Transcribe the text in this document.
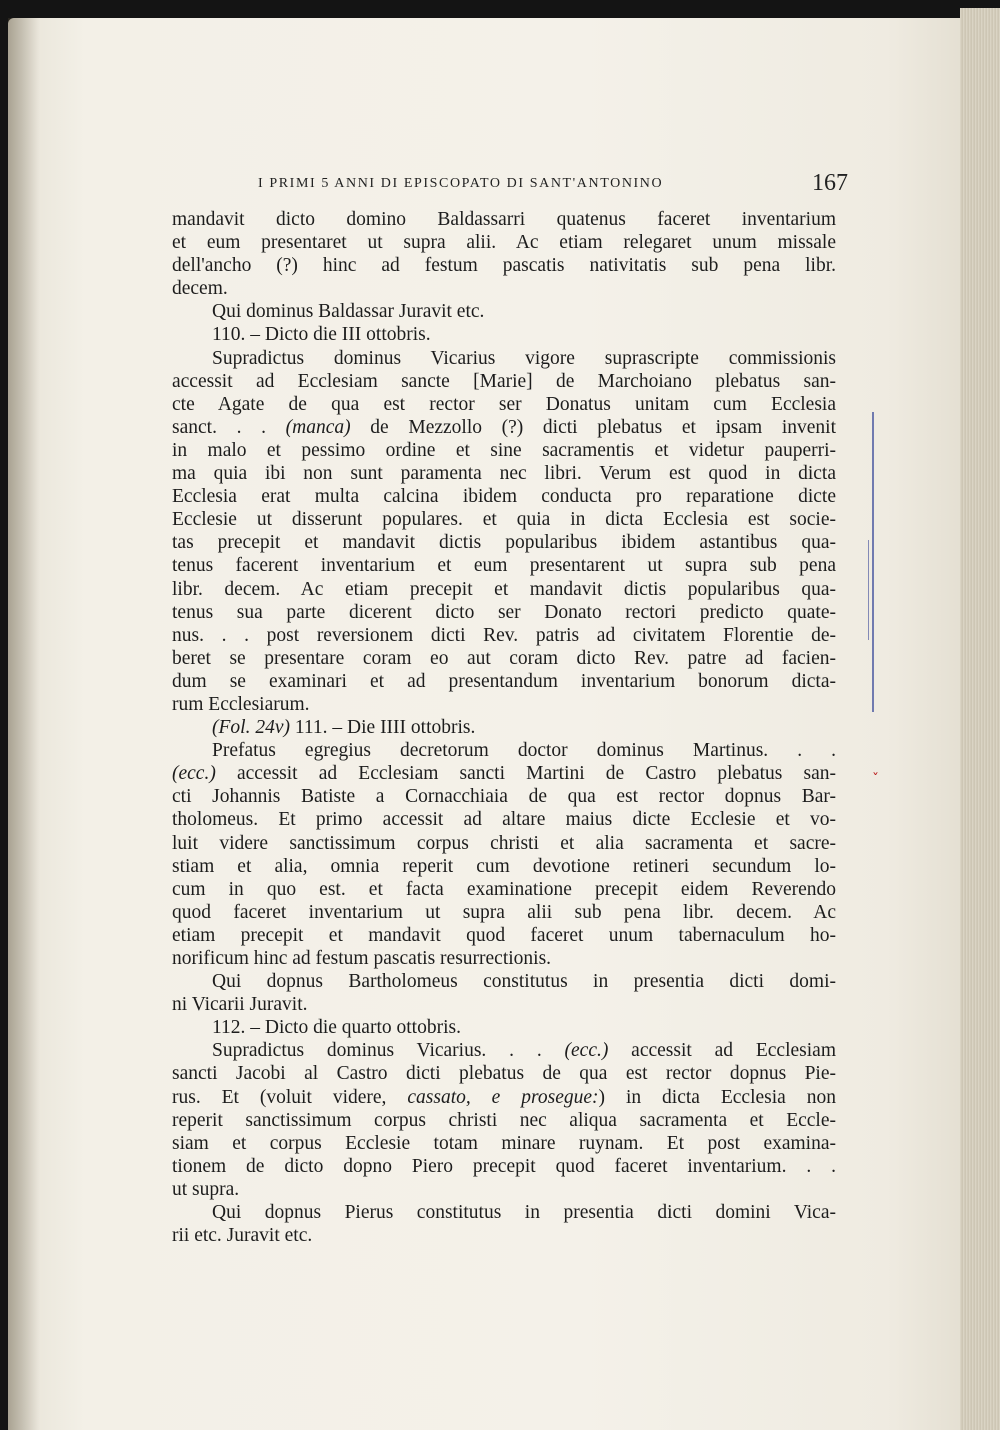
I PRIMI 5 ANNI DI EPISCOPATO DI SANT'ANTONINO	167
mandavit dicto domino Baldassarri quatenus faceret inventarium
et eum presentaret ut supra alii. Ac etiam relegaret unum missale
dell'ancho (?) hinc ad festum pascatis nativitatis sub pena libr.
decem.
Qui dominus Baldassar Juravit etc.
110. – Dicto die III ottobris.
Supradictus dominus Vicarius vigore suprascripte commissionis
accessit ad Ecclesiam sancte [Marie] de Marchoiano plebatus san-
cte Agate de qua est rector ser Donatus unitam cum Ecclesia
sanct. . . (manca) de Mezzollo (?) dicti plebatus et ipsam invenit
in malo et pessimo ordine et sine sacramentis et videtur pauperri-
ma quia ibi non sunt paramenta nec libri. Verum est quod in dicta
Ecclesia erat multa calcina ibidem conducta pro reparatione dicte
Ecclesie ut disserunt populares. et quia in dicta Ecclesia est socie-
tas precepit et mandavit dictis popularibus ibidem astantibus qua-
tenus facerent inventarium et eum presentarent ut supra sub pena
libr. decem. Ac etiam precepit et mandavit dictis popularibus qua-
tenus sua parte dicerent dicto ser Donato rectori predicto quate-
nus. . . post reversionem dicti Rev. patris ad civitatem Florentie de-
beret se presentare coram eo aut coram dicto Rev. patre ad facien-
dum se examinari et ad presentandum inventarium bonorum dicta-
rum Ecclesiarum.
(Fol. 24v) 111. – Die IIII ottobris.
Prefatus egregius decretorum doctor dominus Martinus. . .
(ecc.) accessit ad Ecclesiam sancti Martini de Castro plebatus san-
cti Johannis Batiste a Cornacchiaia de qua est rector dopnus Bar-
tholomeus. Et primo accessit ad altare maius dicte Ecclesie et vo-
luit videre sanctissimum corpus christi et alia sacramenta et sacre-
stiam et alia, omnia reperit cum devotione retineri secundum lo-
cum in quo est. et facta examinatione precepit eidem Reverendo
quod faceret inventarium ut supra alii sub pena libr. decem. Ac
etiam precepit et mandavit quod faceret unum tabernaculum ho-
norificum hinc ad festum pascatis resurrectionis.
Qui dopnus Bartholomeus constitutus in presentia dicti domi-
ni Vicarii Juravit.
112. – Dicto die quarto ottobris.
Supradictus dominus Vicarius. . . (ecc.) accessit ad Ecclesiam
sancti Jacobi al Castro dicti plebatus de qua est rector dopnus Pie-
rus. Et (voluit videre, cassato, e prosegue:) in dicta Ecclesia non
reperit sanctissimum corpus christi nec aliqua sacramenta et Eccle-
siam et corpus Ecclesie totam minare ruynam. Et post examina-
tionem de dicto dopno Piero precepit quod faceret inventarium. . .
ut supra.
Qui dopnus Pierus constitutus in presentia dicti domini Vica-
rii etc. Juravit etc.
ˇ
